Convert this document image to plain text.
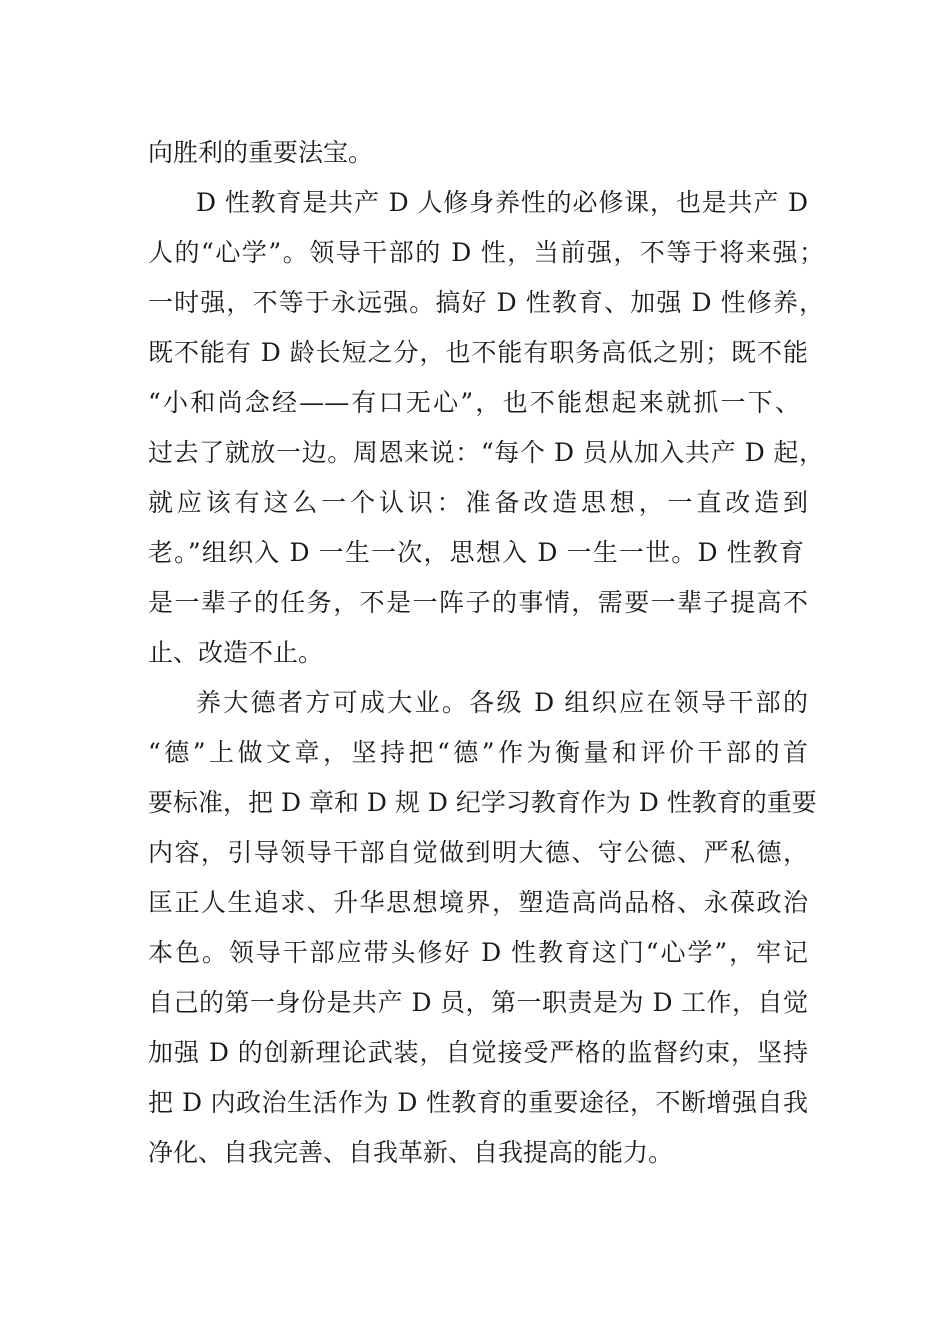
向胜利的重要法宝。
D 性教育是共产 D 人修身养性的必修课，也是共产 D
人的“心学”。领导干部的 D 性，当前强，不等于将来强；
一时强，不等于永远强。搞好 D 性教育、加强 D 性修养，
既不能有 D 龄长短之分，也不能有职务高低之别；既不能
“小和尚念经——有口无心”，也不能想起来就抓一下、
过去了就放一边。周恩来说：“每个 D 员从加入共产 D 起，
就应该有这么一个认识：准备改造思想，一直改造到
老。”组织入 D 一生一次，思想入 D 一生一世。D 性教育
是一辈子的任务，不是一阵子的事情，需要一辈子提高不
止、改造不止。
养大德者方可成大业。各级 D 组织应在领导干部的
“德”上做文章，坚持把“德”作为衡量和评价干部的首
要标准，把 D 章和 D 规 D 纪学习教育作为 D 性教育的重要
内容，引导领导干部自觉做到明大德、守公德、严私德，
匡正人生追求、升华思想境界，塑造高尚品格、永葆政治
本色。领导干部应带头修好 D 性教育这门“心学”，牢记
自己的第一身份是共产 D 员，第一职责是为 D 工作，自觉
加强 D 的创新理论武装，自觉接受严格的监督约束，坚持
把 D 内政治生活作为 D 性教育的重要途径，不断增强自我
净化、自我完善、自我革新、自我提高的能力。
